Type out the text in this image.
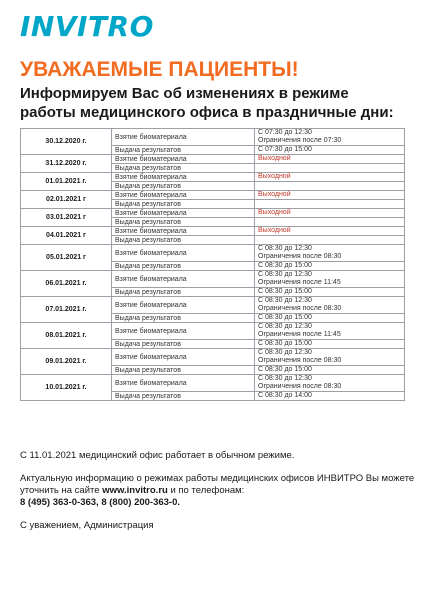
INVITRO
УВАЖАЕМЫЕ ПАЦИЕНТЫ!
Информируем Вас об изменениях в режиме
работы медицинского офиса в праздничные дни:
30.12.2020 г.	Взятие биоматериала	С 07:30 до 12:30
Ограничения после 07:30

	Выдача результатов	С 07:30 до 15:00

31.12.2020 г.	Взятие биоматериала	Выходной

	Выдача результатов	

01.01.2021 г.	Взятие биоматериала	Выходной

	Выдача результатов	

02.01.2021 г	Взятие биоматериала	Выходной

	Выдача результатов	

03.01.2021 г	Взятие биоматериала	Выходной

	Выдача результатов	

04.01.2021 г	Взятие биоматериала	Выходной

	Выдача результатов	

05.01.2021 г	Взятие биоматериала	С 08:30 до 12:30
Ограничения после 08:30

	Выдача результатов	С 08:30 до 15:00

06.01.2021 г.	Взятие биоматериала	С 08:30 до 12:30
Ограничения после 11:45

	Выдача результатов	С 08:30 до 15:00

07.01.2021 г.	Взятие биоматериала	С 08:30 до 12:30
Ограничения после 08:30

	Выдача результатов	С 08:30 до 15:00

08.01.2021 г.	Взятие биоматериала	С 08:30 до 12:30
Ограничения после 11:45

	Выдача результатов	С 08:30 до 15:00

09.01.2021 г.	Взятие биоматериала	С 08:30 до 12:30
Ограничения после 08:30

	Выдача результатов	С 08:30 до 15:00

10.01.2021 г.	Взятие биоматериала	С 08:30 до 12:30
Ограничения после 08:30

	Выдача результатов	С 08:30 до 14:00

С 11.01.2021 медицинский офис работает в обычном режиме.

Актуальную информацию о режимах работы медицинских офисов ИНВИТРО Вы можете уточнить на сайте www.invitro.ru и по телефонам:
8 (495) 363-0-363, 8 (800) 200-363-0.

С уважением, Администрация
